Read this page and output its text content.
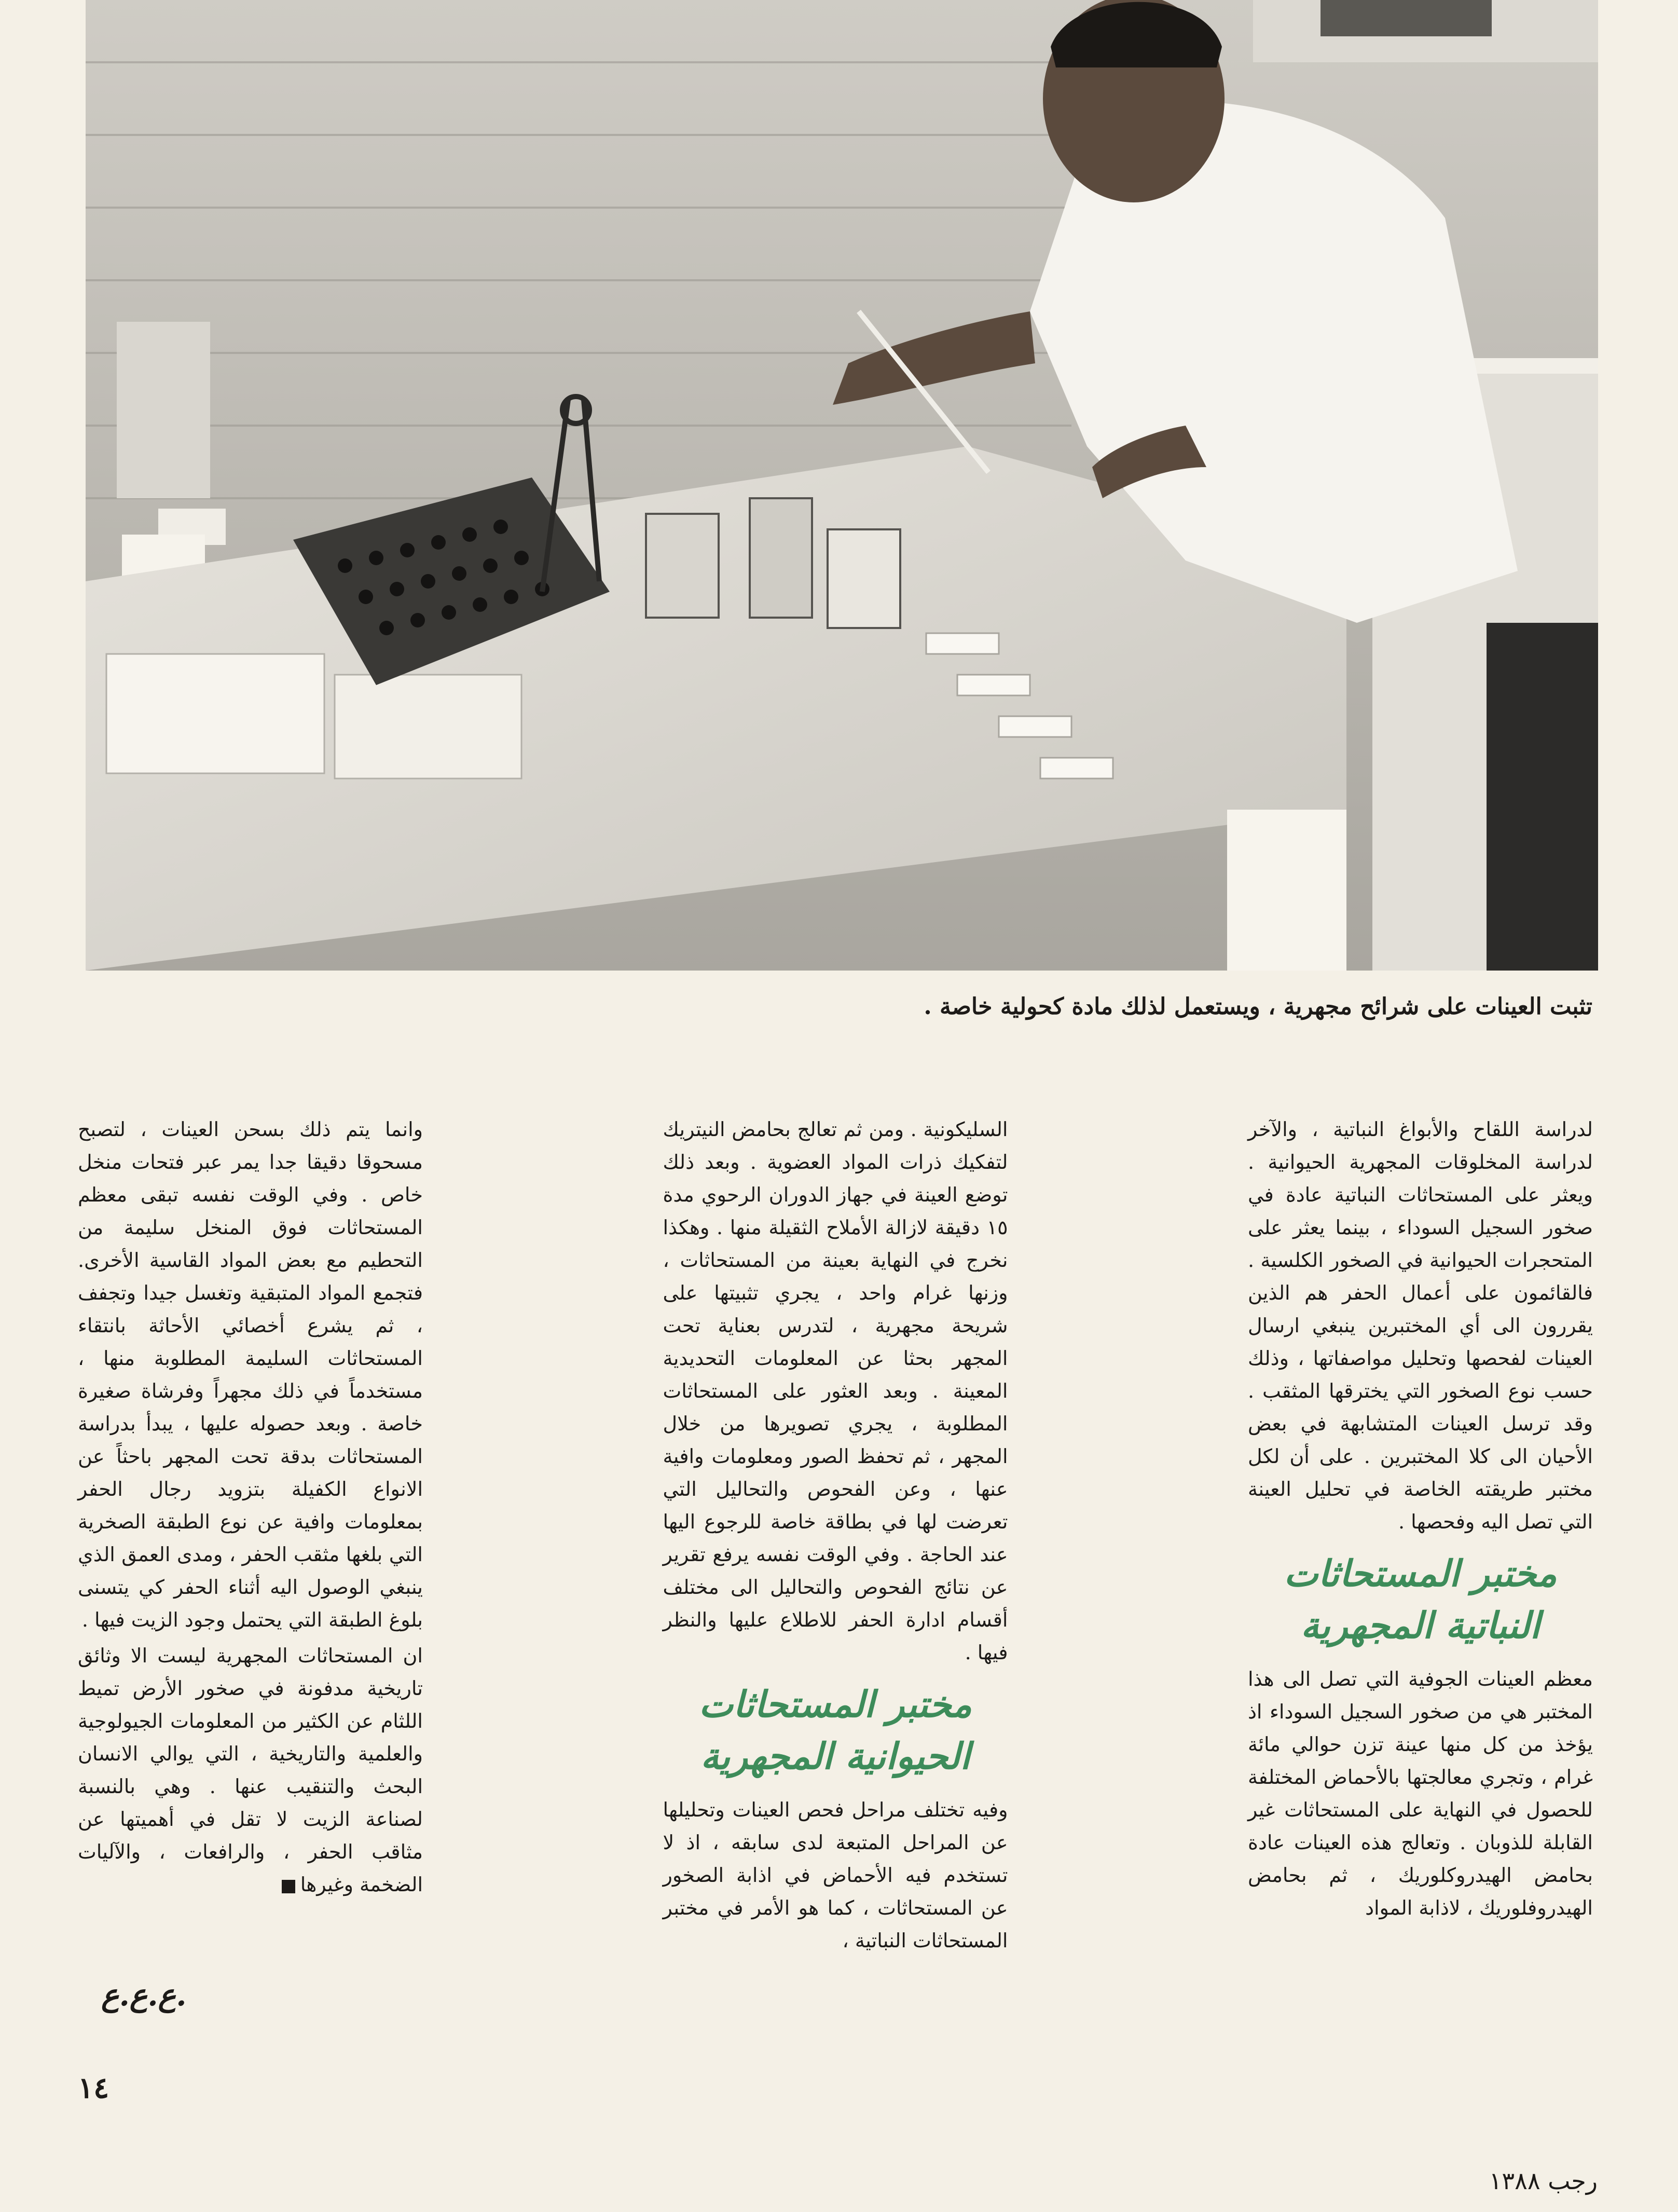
تثبت العينات على شرائح مجهرية ، ويستعمل لذلك مادة كحولية خاصة .

لدراسة اللقاح والأبواغ النباتية ، والآخر لدراسة المخلوقات المجهرية الحيوانية . ويعثر على المستحاثات النباتية عادة في صخور السجيل السوداء ، بينما يعثر على المتحجرات الحيوانية في الصخور الكلسية . فالقائمون على أعمال الحفر هم الذين يقررون الى أي المختبرين ينبغي ارسال العينات لفحصها وتحليل مواصفاتها ، وذلك حسب نوع الصخور التي يخترقها المثقب . وقد ترسل العينات المتشابهة في بعض الأحيان الى كلا المختبرين . على أن لكل مختبر طريقته الخاصة في تحليل العينة التي تصل اليه وفحصها .

مختبر المستحاثات النباتية المجهرية

معظم العينات الجوفية التي تصل الى هذا المختبر هي من صخور السجيل السوداء اذ يؤخذ من كل منها عينة تزن حوالي مائة غرام ، وتجري معالجتها بالأحماض المختلفة للحصول في النهاية على المستحاثات غير القابلة للذوبان . وتعالج هذه العينات عادة بحامض الهيدروكلوريك ، ثم بحامض الهيدروفلوريك ، لاذابة المواد

السليكونية . ومن ثم تعالج بحامض النيتريك لتفكيك ذرات المواد العضوية . وبعد ذلك توضع العينة في جهاز الدوران الرحوي مدة ١٥ دقيقة لازالة الأملاح الثقيلة منها . وهكذا نخرج في النهاية بعينة من المستحاثات ، وزنها غرام واحد ، يجري تثبيتها على شريحة مجهرية ، لتدرس بعناية تحت المجهر بحثا عن المعلومات التحديدية المعينة . وبعد العثور على المستحاثات المطلوبة ، يجري تصويرها من خلال المجهر ، ثم تحفظ الصور ومعلومات وافية عنها ، وعن الفحوص والتحاليل التي تعرضت لها في بطاقة خاصة للرجوع اليها عند الحاجة . وفي الوقت نفسه يرفع تقرير عن نتائج الفحوص والتحاليل الى مختلف أقسام ادارة الحفر للاطلاع عليها والنظر فيها .

مختبر المستحاثات الحيوانية المجهرية

وفيه تختلف مراحل فحص العينات وتحليلها عن المراحل المتبعة لدى سابقه ، اذ لا تستخدم فيه الأحماض في اذابة الصخور عن المستحاثات ، كما هو الأمر في مختبر المستحاثات النباتية ،

وانما يتم ذلك بسحن العينات ، لتصبح مسحوقا دقيقا جدا يمر عبر فتحات منخل خاص . وفي الوقت نفسه تبقى معظم المستحاثات فوق المنخل سليمة من التحطيم مع بعض المواد القاسية الأخرى. فتجمع المواد المتبقية وتغسل جيدا وتجفف ، ثم يشرع أخصائي الأحاثة بانتقاء المستحاثات السليمة المطلوبة منها ، مستخدماً في ذلك مجهراً وفرشاة صغيرة خاصة . وبعد حصوله عليها ، يبدأ بدراسة المستحاثات بدقة تحت المجهر باحثاً عن الانواع الكفيلة بتزويد رجال الحفر بمعلومات وافية عن نوع الطبقة الصخرية التي بلغها مثقب الحفر ، ومدى العمق الذي ينبغي الوصول اليه أثناء الحفر كي يتسنى بلوغ الطبقة التي يحتمل وجود الزيت فيها .

ان المستحاثات المجهرية ليست الا وثائق تاريخية مدفونة في صخور الأرض تميط اللثام عن الكثير من المعلومات الجيولوجية والعلمية والتاريخية ، التي يوالي الانسان البحث والتنقيب عنها . وهي بالنسبة لصناعة الزيت لا تقل في أهميتها عن مثاقب الحفر ، والرافعات ، والآليات الضخمة وغيرها

ع.ع.ع.
١٤
رجب ١٣٨٨
